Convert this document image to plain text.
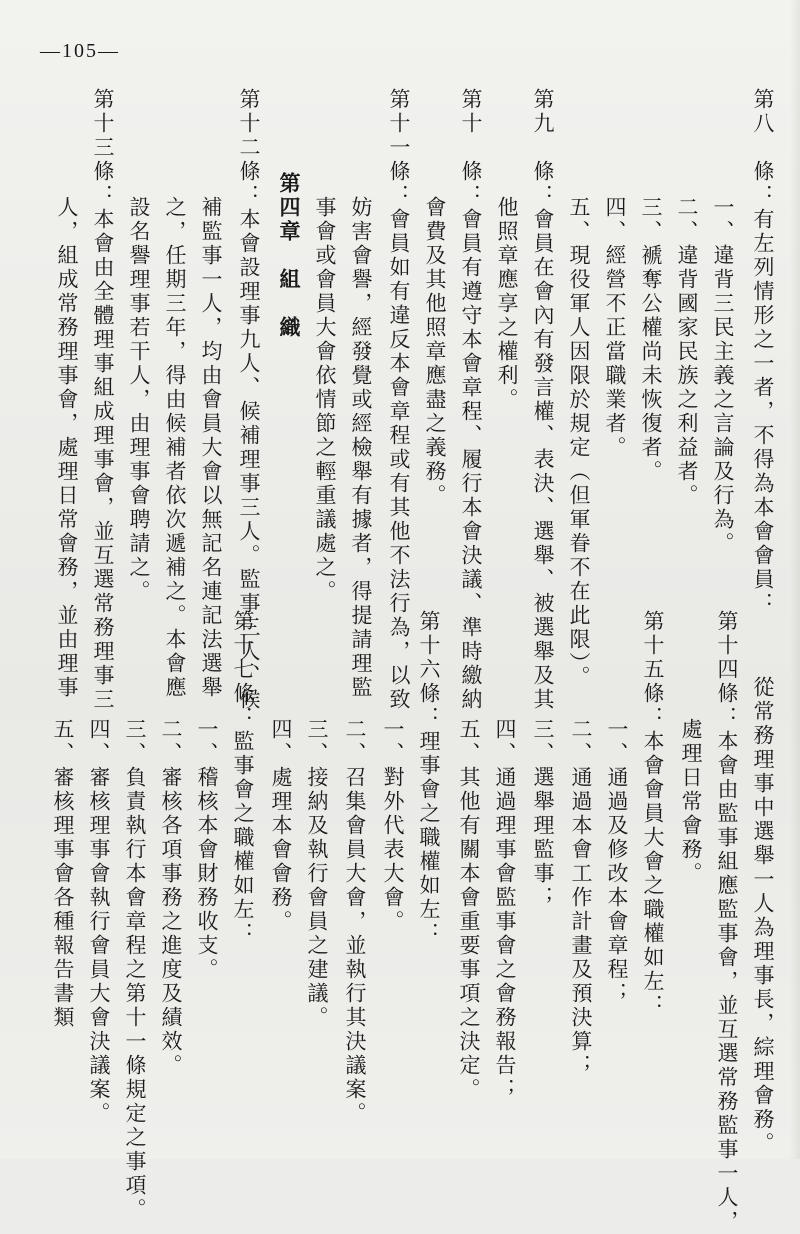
—105—
第八　條：有左列情形之一者，不得為本會會員：
一、違背三民主義之言論及行為。
二、違背國家民族之利益者。
三、褫奪公權尚未恢復者。
四、經營不正當職業者。
五、現役軍人因限於規定（但軍眷不在此限）。
第九　條：會員在會內有發言權、表決、選舉、被選舉及其
他照章應享之權利。
第十　條：會員有遵守本會章程、履行本會決議、準時繳納
會費及其他照章應盡之義務。
第十一條：會員如有違反本會章程或有其他不法行為，以致
妨害會譽，經發覺或經檢舉有據者，得提請理監
事會或會員大會依情節之輕重議處之。
第四章　組　織
第十二條：本會設理事九人、候補理事三人。監事三人、候
補監事一人，均由會員大會以無記名連記法選舉
之，任期三年，得由候補者依次遞補之。本會應
設名譽理事若干人，由理事會聘請之。
第十三條：本會由全體理事組成理事會，並互選常務理事三
人，組成常務理事會，處理日常會務，並由理事
從常務理事中選舉一人為理事長，綜理會務。
第十四條：本會由監事組應監事會，並互選常務監事一人，
處理日常會務。
第十五條：本會會員大會之職權如左：
一、通過及修改本會章程；
二、通過本會工作計畫及預決算；
三、選舉理監事；
四、通過理事會監事會之會務報告；
五、其他有關本會重要事項之決定。
第十六條：理事會之職權如左：
一、對外代表大會。
二、召集會員大會，並執行其決議案。
三、接納及執行會員之建議。
四、處理本會會務。
第十七條：監事會之職權如左：
一、稽核本會財務收支。
二、審核各項事務之進度及績效。
三、負責執行本會章程之第十一條規定之事項。
四、審核理事會執行會員大會決議案。
五、審核理事會各種報告書類
